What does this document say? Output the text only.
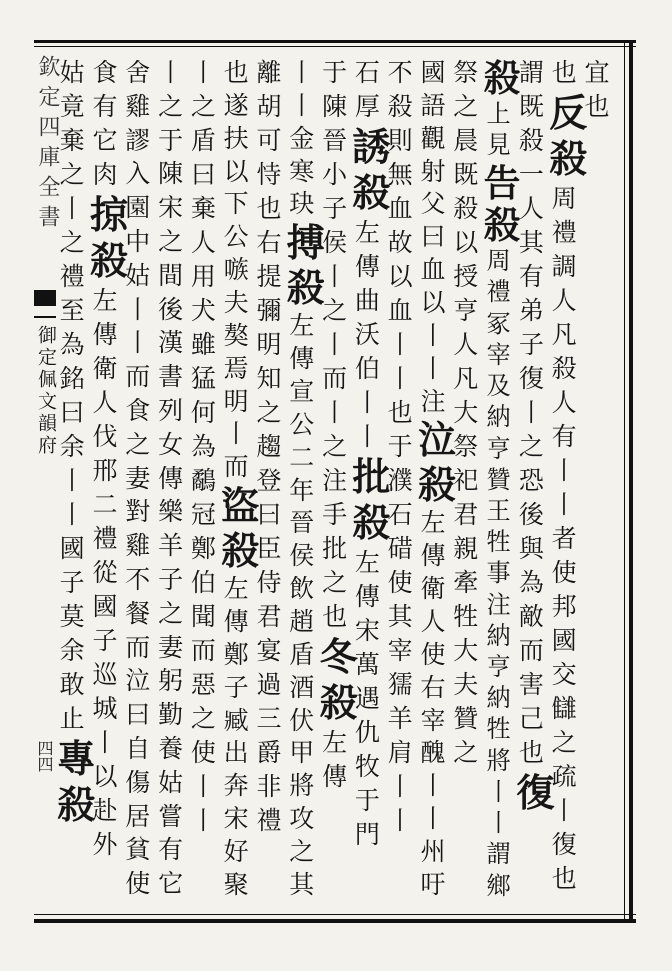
欽定四庫全書
御定佩文韻府
四四
宜
也
也
反
殺
周
禮
調
人
凡
殺
人
有
丨
丨
者
使
邦
國
交
讎
之
疏
丨
復
也
謂
既
殺
一
人
其
有
弟
子
復
丨
之
恐
後
與
為
敵
而
害
己
也
復
殺
上
見
告
殺
周
禮
冢
宰
及
納
亨
贊
王
牲
事
注
納
亨
納
牲
將
丨
丨
謂
鄉
祭
之
晨
既
殺
以
授
亨
人
凡
大
祭
祀
君
親
牽
牲
大
夫
贊
之
國
語
觀
射
父
曰
血
以
丨
丨
注
泣
殺
左
傳
衛
人
使
右
宰
醜
丨
丨
州
吁
不
殺
則
無
血
故
以
血
丨
丨
也
于
濮
石
碏
使
其
宰
獳
羊
肩
丨
丨
石
厚
誘
殺
左
傳
曲
沃
伯
丨
丨
批
殺
左
傳
宋
萬
遇
仇
牧
于
門
于
陳
晉
小
子
侯
丨
之
丨
而
丨
之
注
手
批
之
也
冬
殺
左
傳
丨
丨
金
寒
玦
搏
殺
左
傳
宣
公
二
年
晉
侯
飲
趙
盾
酒
伏
甲
將
攻
之
其
離
胡
可
恃
也
右
提
彌
明
知
之
趨
登
曰
臣
侍
君
宴
過
三
爵
非
禮
也
遂
扶
以
下
公
嗾
夫
獒
焉
明
丨
而
盜
殺
左
傳
鄭
子
臧
出
奔
宋
好
聚
丨
之
盾
曰
棄
人
用
犬
雖
猛
何
為
鷸
冠
鄭
伯
聞
而
惡
之
使
丨
丨
丨
之
于
陳
宋
之
間
後
漢
書
列
女
傳
樂
羊
子
之
妻
躬
勤
養
姑
嘗
有
它
舍
雞
謬
入
園
中
姑
丨
丨
而
食
之
妻
對
雞
不
餐
而
泣
曰
自
傷
居
貧
使
食
有
它
肉
掠
殺
左
傳
衛
人
伐
邢
二
禮
從
國
子
巡
城
丨
以
赴
外
姑
竟
棄
之
丨
之
禮
至
為
銘
曰
余
丨
丨
國
子
莫
余
敢
止
專
殺
